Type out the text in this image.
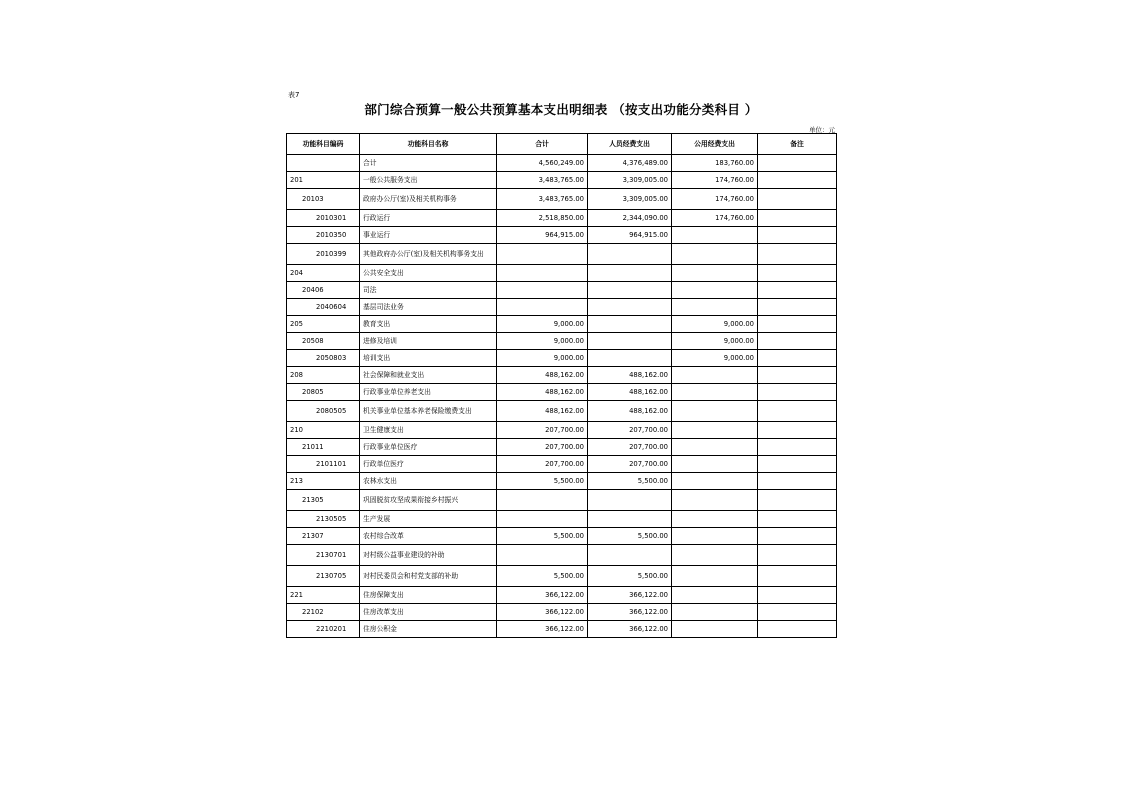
表7
部门综合预算一般公共预算基本支出明细表 （按支出功能分类科目 ）
单位：元
功能科目编码	功能科目名称	合计	人员经费支出	公用经费支出	备注
	合计	4,560,249.00	4,376,489.00	183,760.00	
201	一般公共服务支出	3,483,765.00	3,309,005.00	174,760.00	
20103	政府办公厅(室)及相关机构事务	3,483,765.00	3,309,005.00	174,760.00	
2010301	行政运行	2,518,850.00	2,344,090.00	174,760.00	
2010350	事业运行	964,915.00	964,915.00		
2010399	其他政府办公厅(室)及相关机构事务支出				
204	公共安全支出				
20406	司法				
2040604	基层司法业务				
205	教育支出	9,000.00		9,000.00	
20508	进修及培训	9,000.00		9,000.00	
2050803	培训支出	9,000.00		9,000.00	
208	社会保障和就业支出	488,162.00	488,162.00		
20805	行政事业单位养老支出	488,162.00	488,162.00		
2080505	机关事业单位基本养老保险缴费支出	488,162.00	488,162.00		
210	卫生健康支出	207,700.00	207,700.00		
21011	行政事业单位医疗	207,700.00	207,700.00		
2101101	行政单位医疗	207,700.00	207,700.00		
213	农林水支出	5,500.00	5,500.00		
21305	巩固脱贫攻坚成果衔接乡村振兴				
2130505	生产发展				
21307	农村综合改革	5,500.00	5,500.00		
2130701	对村级公益事业建设的补助				
2130705	对村民委员会和村党支部的补助	5,500.00	5,500.00		
221	住房保障支出	366,122.00	366,122.00		
22102	住房改革支出	366,122.00	366,122.00		
2210201	住房公积金	366,122.00	366,122.00		
